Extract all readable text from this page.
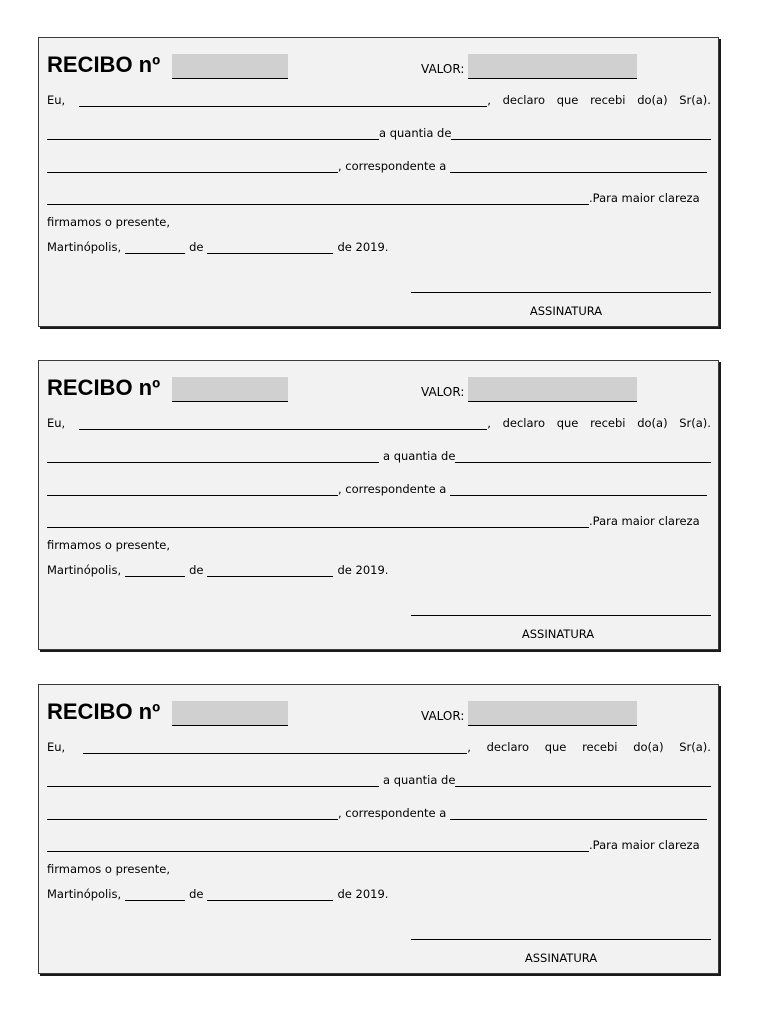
RECIBO nº	VALOR:
Eu,	, declaro que recebi do(a) Sr(a).
a quantia de
, correspondente a
.Para maior clareza
firmamos o presente,
Martinópolis,	de	de 2019.
ASSINATURA
RECIBO nº	VALOR:
Eu,	, declaro que recebi do(a) Sr(a).
a quantia de
, correspondente a
.Para maior clareza
firmamos o presente,
Martinópolis,	de	de 2019.
ASSINATURA
RECIBO nº	VALOR:
Eu,	, declaro que recebi do(a) Sr(a).
a quantia de
, correspondente a
.Para maior clareza
firmamos o presente,
Martinópolis,	de	de 2019.
ASSINATURA
